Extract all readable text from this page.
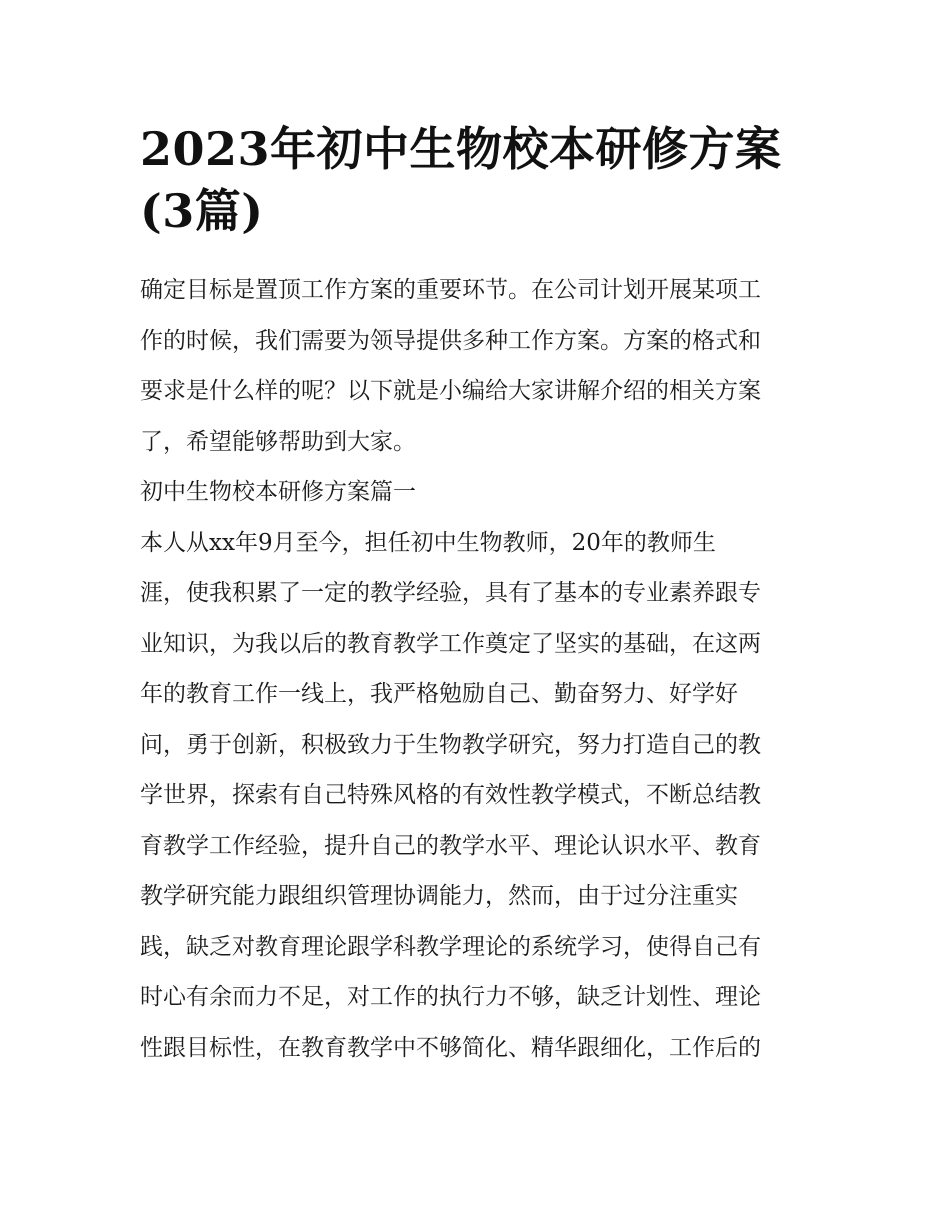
2023年初中生物校本研修方案
(3篇)

确定目标是置顶工作方案的重要环节。在公司计划开展某项工
作的时候，我们需要为领导提供多种工作方案。方案的格式和
要求是什么样的呢？以下就是小编给大家讲解介绍的相关方案
了，希望能够帮助到大家。

初中生物校本研修方案篇一

本人从xx年9月至今，担任初中生物教师，20年的教师生
涯，使我积累了一定的教学经验，具有了基本的专业素养跟专
业知识，为我以后的教育教学工作奠定了坚实的基础，在这两
年的教育工作一线上，我严格勉励自己、勤奋努力、好学好
问，勇于创新，积极致力于生物教学研究，努力打造自己的教
学世界，探索有自己特殊风格的有效性教学模式，不断总结教
育教学工作经验，提升自己的教学水平、理论认识水平、教育
教学研究能力跟组织管理协调能力，然而，由于过分注重实
践，缺乏对教育理论跟学科教学理论的系统学习，使得自己有
时心有余而力不足，对工作的执行力不够，缺乏计划性、理论
性跟目标性，在教育教学中不够简化、精华跟细化，工作后的
